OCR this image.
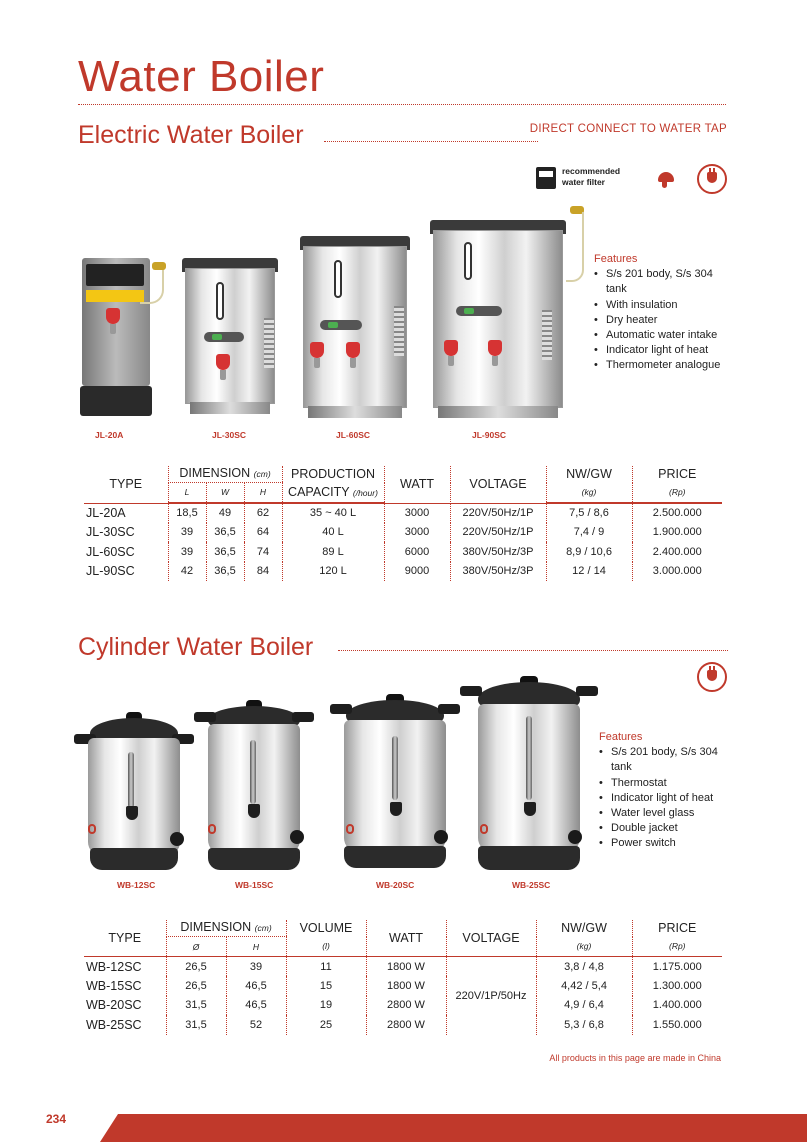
Water Boiler
Electric Water Boiler	DIRECT CONNECT TO WATER TAP
recommended
water filter
JL-20A	JL-30SC	JL-60SC	JL-90SC
Features
• S/s 201 body, S/s 304 tank
• With insulation
• Dry heater
• Automatic water intake
• Indicator light of heat
• Thermometer analogue
TYPE	DIMENSION (cm)			PRODUCTION	WATT	VOLTAGE	NW/GW	PRICE
	L	W	H	CAPACITY (/hour)			(kg)	(Rp)

JL-20A	18,5	49	62	35 ~ 40 L	3000	220V/50Hz/1P	7,5 / 8,6	2.500.000
JL-30SC	39	36,5	64	40 L	3000	220V/50Hz/1P	7,4 / 9	1.900.000
JL-60SC	39	36,5	74	89 L	6000	380V/50Hz/3P	8,9 / 10,6	2.400.000
JL-90SC	42	36,5	84	120 L	9000	380V/50Hz/3P	12 / 14	3.000.000
Cylinder Water Boiler
WB-12SC	WB-15SC	WB-20SC	WB-25SC
Features
• S/s 201 body, S/s 304 tank
• Thermostat
• Indicator light of heat
• Water level glass
• Double jacket
• Power switch
TYPE	DIMENSION (cm)		VOLUME	WATT	VOLTAGE	NW/GW	PRICE
	Ø	H	(l)			(kg)	(Rp)

WB-12SC	26,5	39	11	1800 W	220V/1P/50Hz	3,8 / 4,8	1.175.000
WB-15SC	26,5	46,5	15	1800 W		4,42 / 5,4	1.300.000
WB-20SC	31,5	46,5	19	2800 W		4,9 / 6,4	1.400.000
WB-25SC	31,5	52	25	2800 W		5,3 / 6,8	1.550.000
All products in this page are made in China
234
